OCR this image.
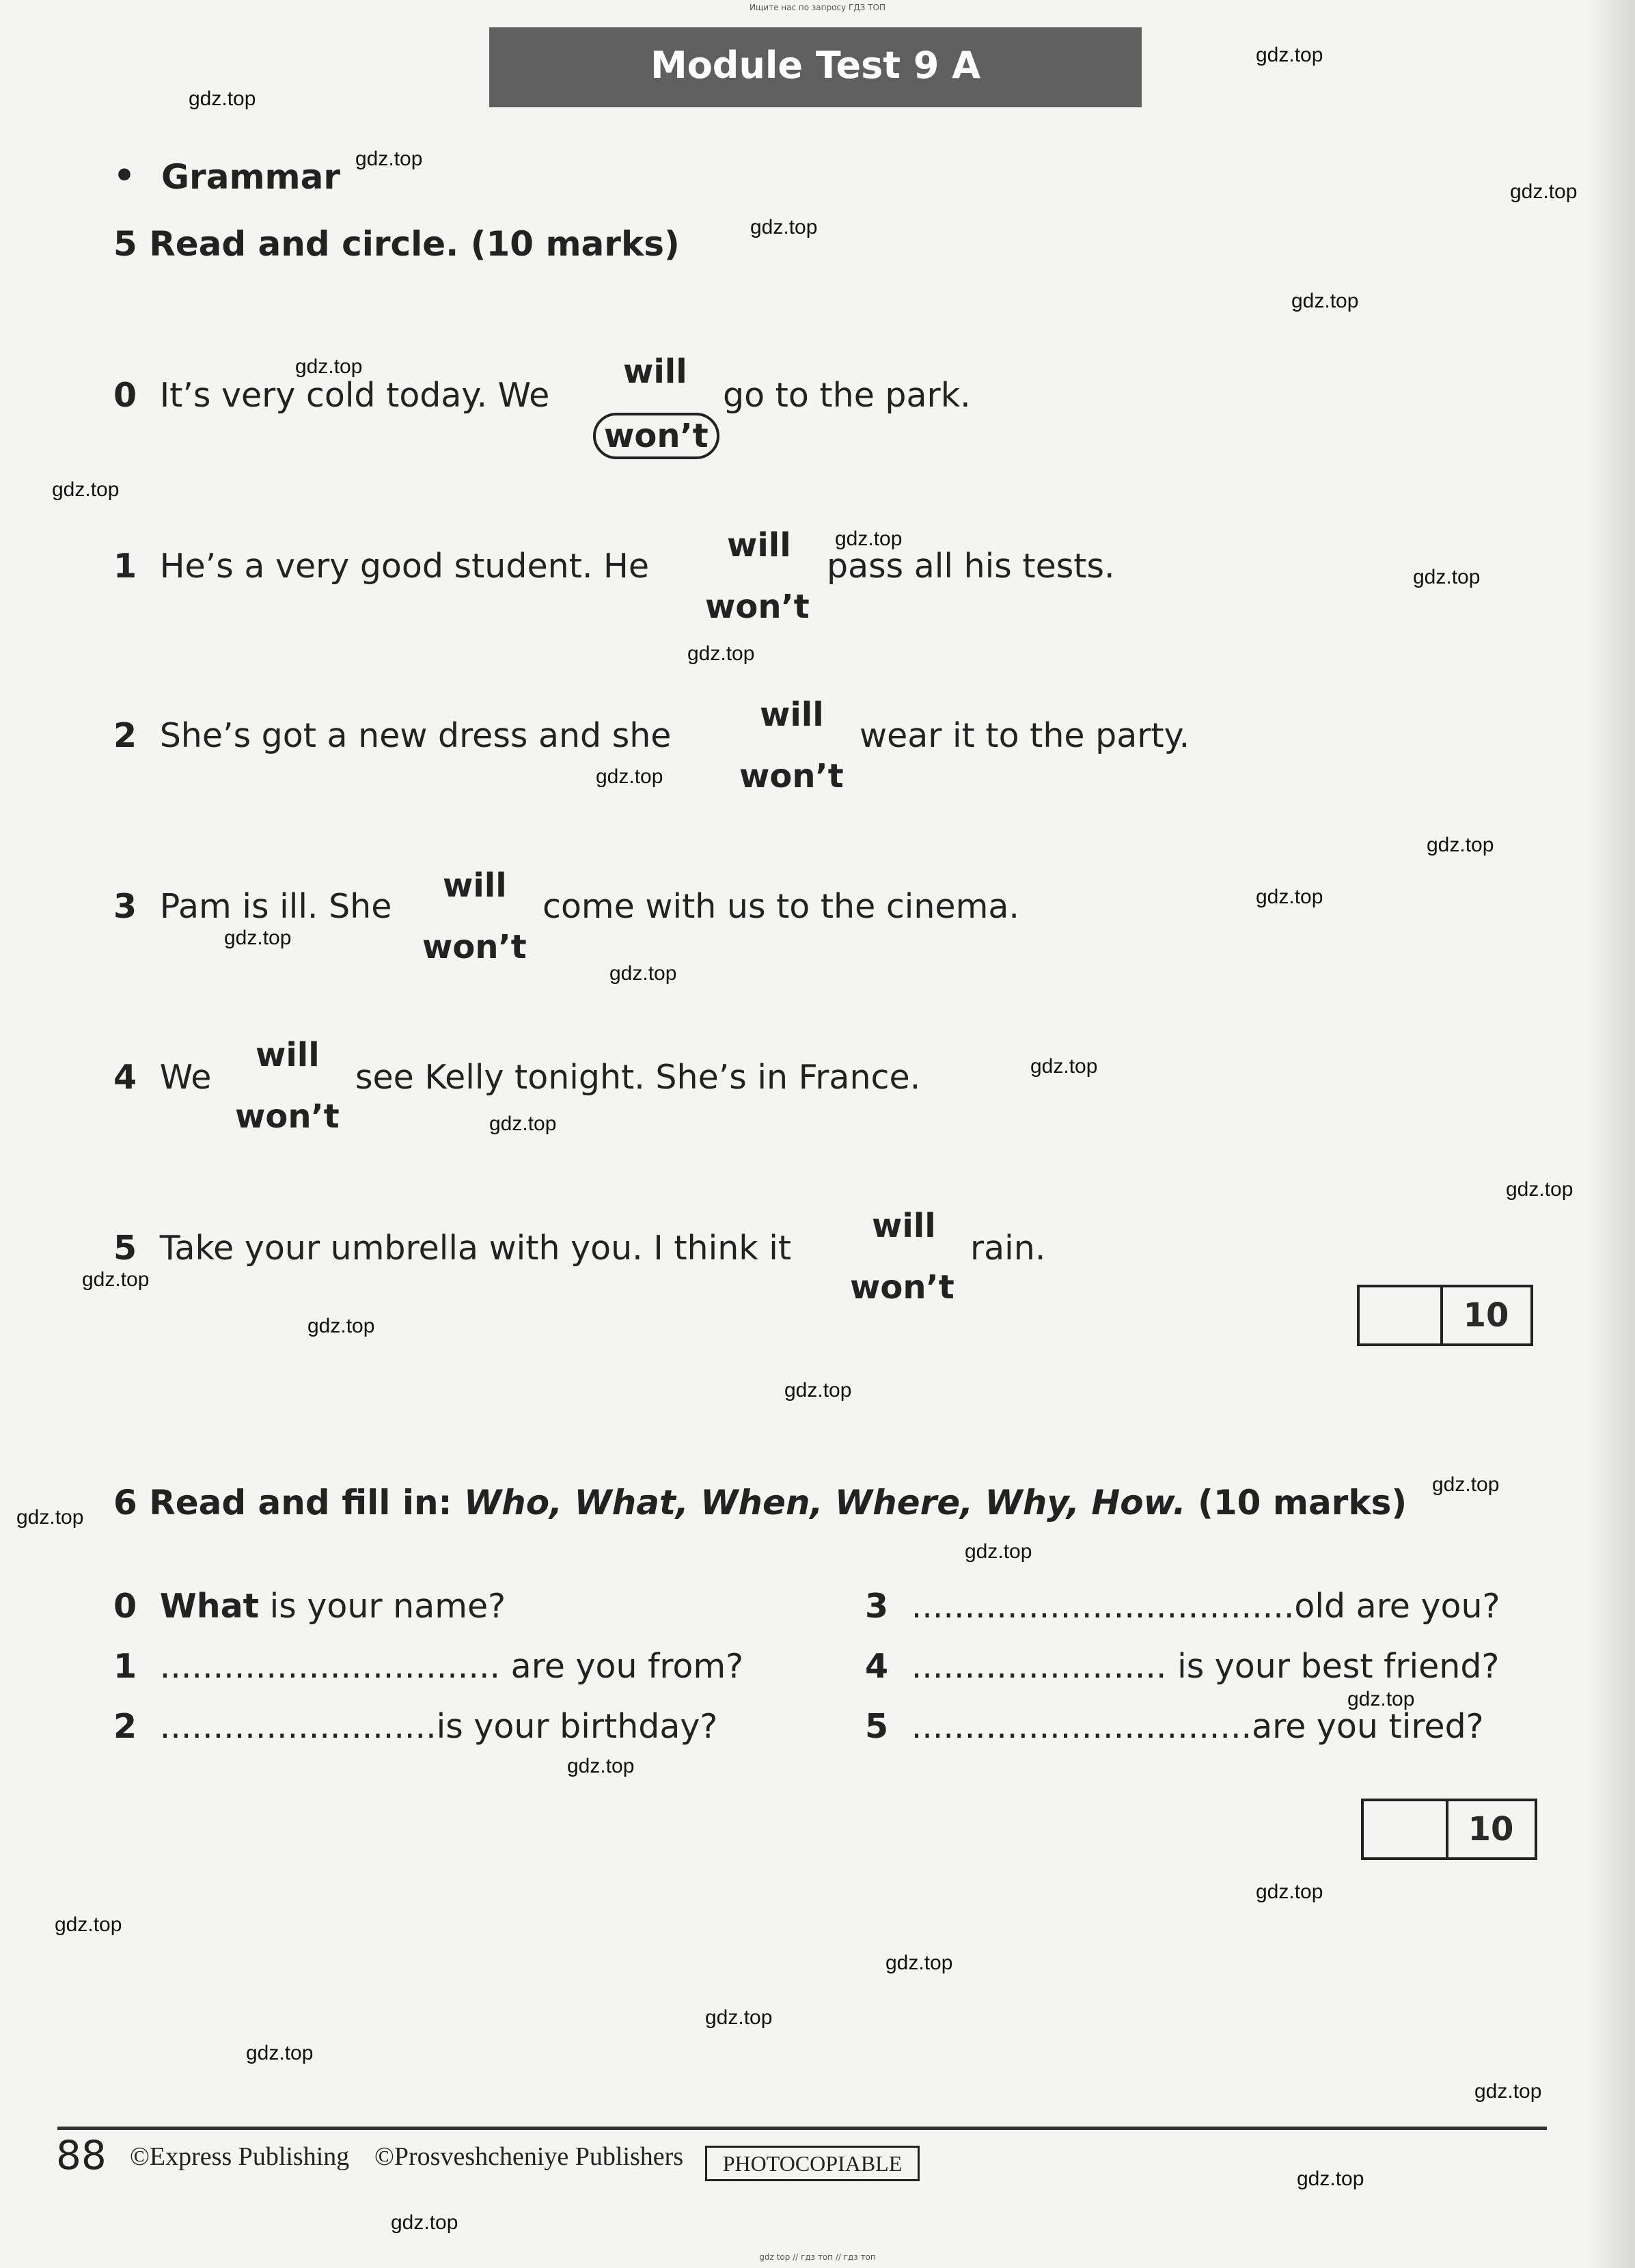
Ищите нас по запросу ГДЗ ТОП
Module Test 9 A
• Grammar
5 Read and circle. (10 marks)
0 It’s very cold today. We
will
won’t
go to the park.
1 He’s a very good student. He
will
won’t
pass all his tests.
2 She’s got a new dress and she
will
won’t
wear it to the party.
3 Pam is ill. She
will
won’t
come with us to the cinema.
4 We
will
won’t
see Kelly tonight. She’s in France.
5 Take your umbrella with you. I think it
will
won’t
rain.
10
6 Read and fill in: Who, What, When, Where, Why, How. (10 marks)
0 What is your name?
1 ................................ are you from?
2 ..........................is your birthday?
3 ....................................old are you?
4 ........................ is your best friend?
5 ................................are you tired?
10
88 ©Express Publishing ©Prosveshcheniye Publishers	PHOTOCOPIABLE
gdz top // гдз топ // гдз топ
gdz.top
gdz.top
gdz.top
gdz.top
gdz.top
gdz.top
gdz.top
gdz.top
gdz.top
gdz.top
gdz.top
gdz.top
gdz.top
gdz.top
gdz.top
gdz.top
gdz.top
gdz.top
gdz.top
gdz.top
gdz.top
gdz.top
gdz.top
gdz.top
gdz.top
gdz.top
gdz.top
gdz.top
gdz.top
gdz.top
gdz.top
gdz.top
gdz.top
gdz.top
gdz.top
